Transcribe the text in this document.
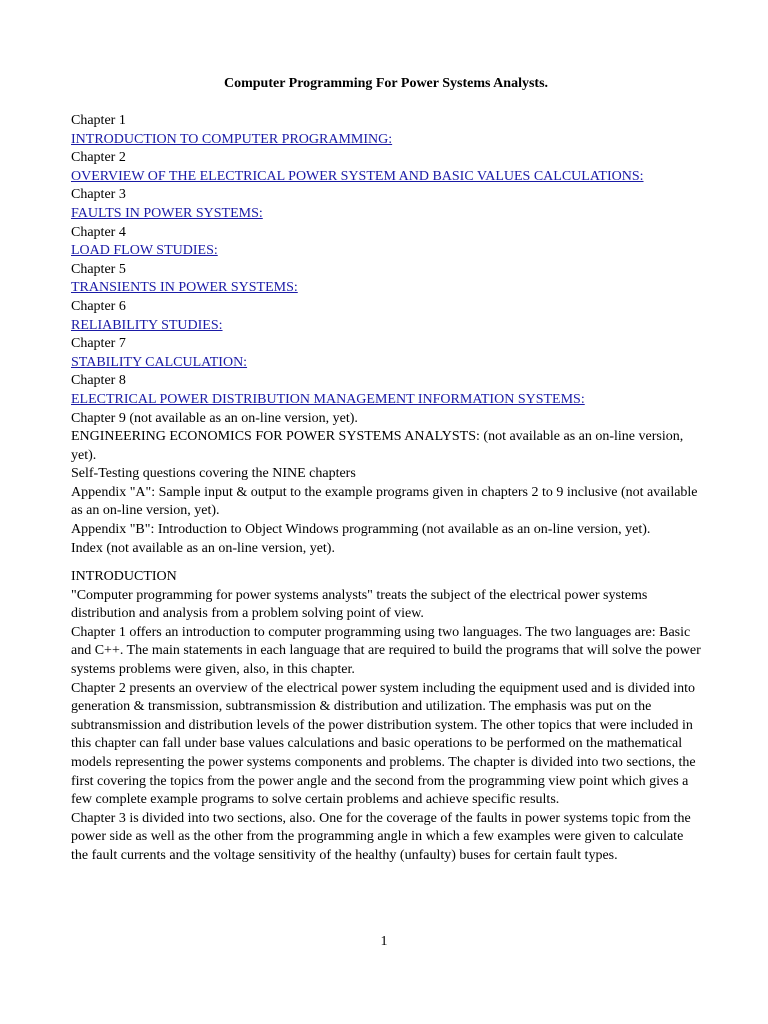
Computer Programming For Power Systems Analysts.
Chapter 1
INTRODUCTION TO COMPUTER PROGRAMMING:
Chapter 2
OVERVIEW OF THE ELECTRICAL POWER SYSTEM AND BASIC VALUES CALCULATIONS:
Chapter 3
FAULTS IN POWER SYSTEMS:
Chapter 4
LOAD FLOW STUDIES:
Chapter 5
TRANSIENTS IN POWER SYSTEMS:
Chapter 6
RELIABILITY STUDIES:
Chapter 7
STABILITY CALCULATION:
Chapter 8
ELECTRICAL POWER DISTRIBUTION MANAGEMENT INFORMATION SYSTEMS:
Chapter 9 (not available as an on-line version, yet).
ENGINEERING ECONOMICS FOR POWER SYSTEMS ANALYSTS: (not available as an on-line version, yet).
Self-Testing questions covering the NINE chapters
Appendix "A": Sample input & output to the example programs given in chapters 2 to 9 inclusive (not available as an on-line version, yet).
Appendix "B": Introduction to Object Windows programming (not available as an on-line version, yet).
Index (not available as an on-line version, yet).

INTRODUCTION

"Computer programming for power systems analysts" treats the subject of the electrical power systems distribution and analysis from a problem solving point of view.

Chapter 1 offers an introduction to computer programming using two languages. The two languages are: Basic and C++. The main statements in each language that are required to build the programs that will solve the power systems problems were given, also, in this chapter.

Chapter 2 presents an overview of the electrical power system including the equipment used and is divided into generation & transmission, subtransmission & distribution and utilization. The emphasis was put on the subtransmission and distribution levels of the power distribution system. The other topics that were included in this chapter can fall under base values calculations and basic operations to be performed on the mathematical models representing the power systems components and problems. The chapter is divided into two sections, the first covering the topics from the power angle and the second from the programming view point which gives a few complete example programs to solve certain problems and achieve specific results.

Chapter 3 is divided into two sections, also. One for the coverage of the faults in power systems topic from the power side as well as the other from the programming angle in which a few examples were given to calculate the fault currents and the voltage sensitivity of the healthy (unfaulty) buses for certain fault types.

1
